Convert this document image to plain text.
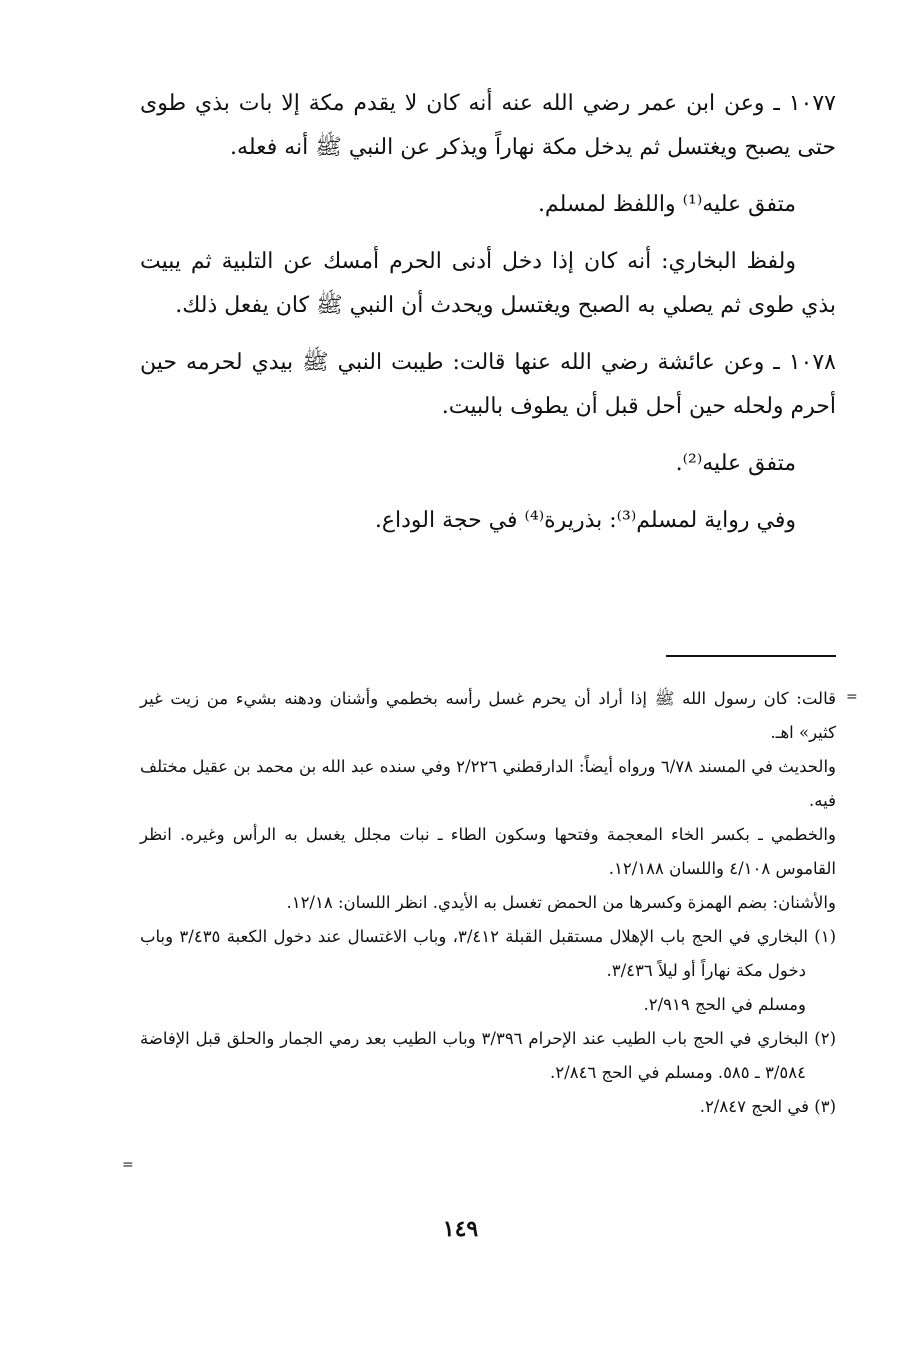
١٠٧٧ ـ وعن ابن عمر رضي الله عنه أنه كان لا يقدم مكة إلا بات بذي طوى حتى يصبح ويغتسل ثم يدخل مكة نهاراً ويذكر عن النبي ﷺ أنه فعله.

متفق عليه⁽¹⁾ واللفظ لمسلم.

ولفظ البخاري: أنه كان إذا دخل أدنى الحرم أمسك عن التلبية ثم يبيت بذي طوى ثم يصلي به الصبح ويغتسل ويحدث أن النبي ﷺ كان يفعل ذلك.

١٠٧٨ ـ وعن عائشة رضي الله عنها قالت: طيبت النبي ﷺ بيدي لحرمه حين أحرم ولحله حين أحل قبل أن يطوف بالبيت.

متفق عليه⁽²⁾.

وفي رواية لمسلم⁽³⁾: بذريرة⁽⁴⁾ في حجة الوداع.

=

قالت: كان رسول الله ﷺ إذا أراد أن يحرم غسل رأسه بخطمي وأشنان ودهنه بشيء من زيت غير كثير» اهـ.

والحديث في المسند ٦/٧٨ ورواه أيضاً: الدارقطني ٢/٢٢٦ وفي سنده عبد الله بن محمد بن عقيل مختلف فيه.

والخطمي ـ بكسر الخاء المعجمة وفتحها وسكون الطاء ـ نبات مجلل يغسل به الرأس وغيره. انظر القاموس ٤/١٠٨ واللسان ١٢/١٨٨.

والأشنان: بضم الهمزة وكسرها من الحمض تغسل به الأيدي. انظر اللسان: ١٢/١٨.

(١) البخاري في الحج باب الإهلال مستقبل القبلة ٣/٤١٢، وباب الاغتسال عند دخول الكعبة ٣/٤٣٥ وباب دخول مكة نهاراً أو ليلاً ٣/٤٣٦.

ومسلم في الحج ٢/٩١٩.

(٢) البخاري في الحج باب الطيب عند الإحرام ٣/٣٩٦ وباب الطيب بعد رمي الجمار والحلق قبل الإفاضة ٣/٥٨٤ ـ ٥٨٥. ومسلم في الحج ٢/٨٤٦.

(٣) في الحج ٢/٨٤٧.

=
١٤٩
